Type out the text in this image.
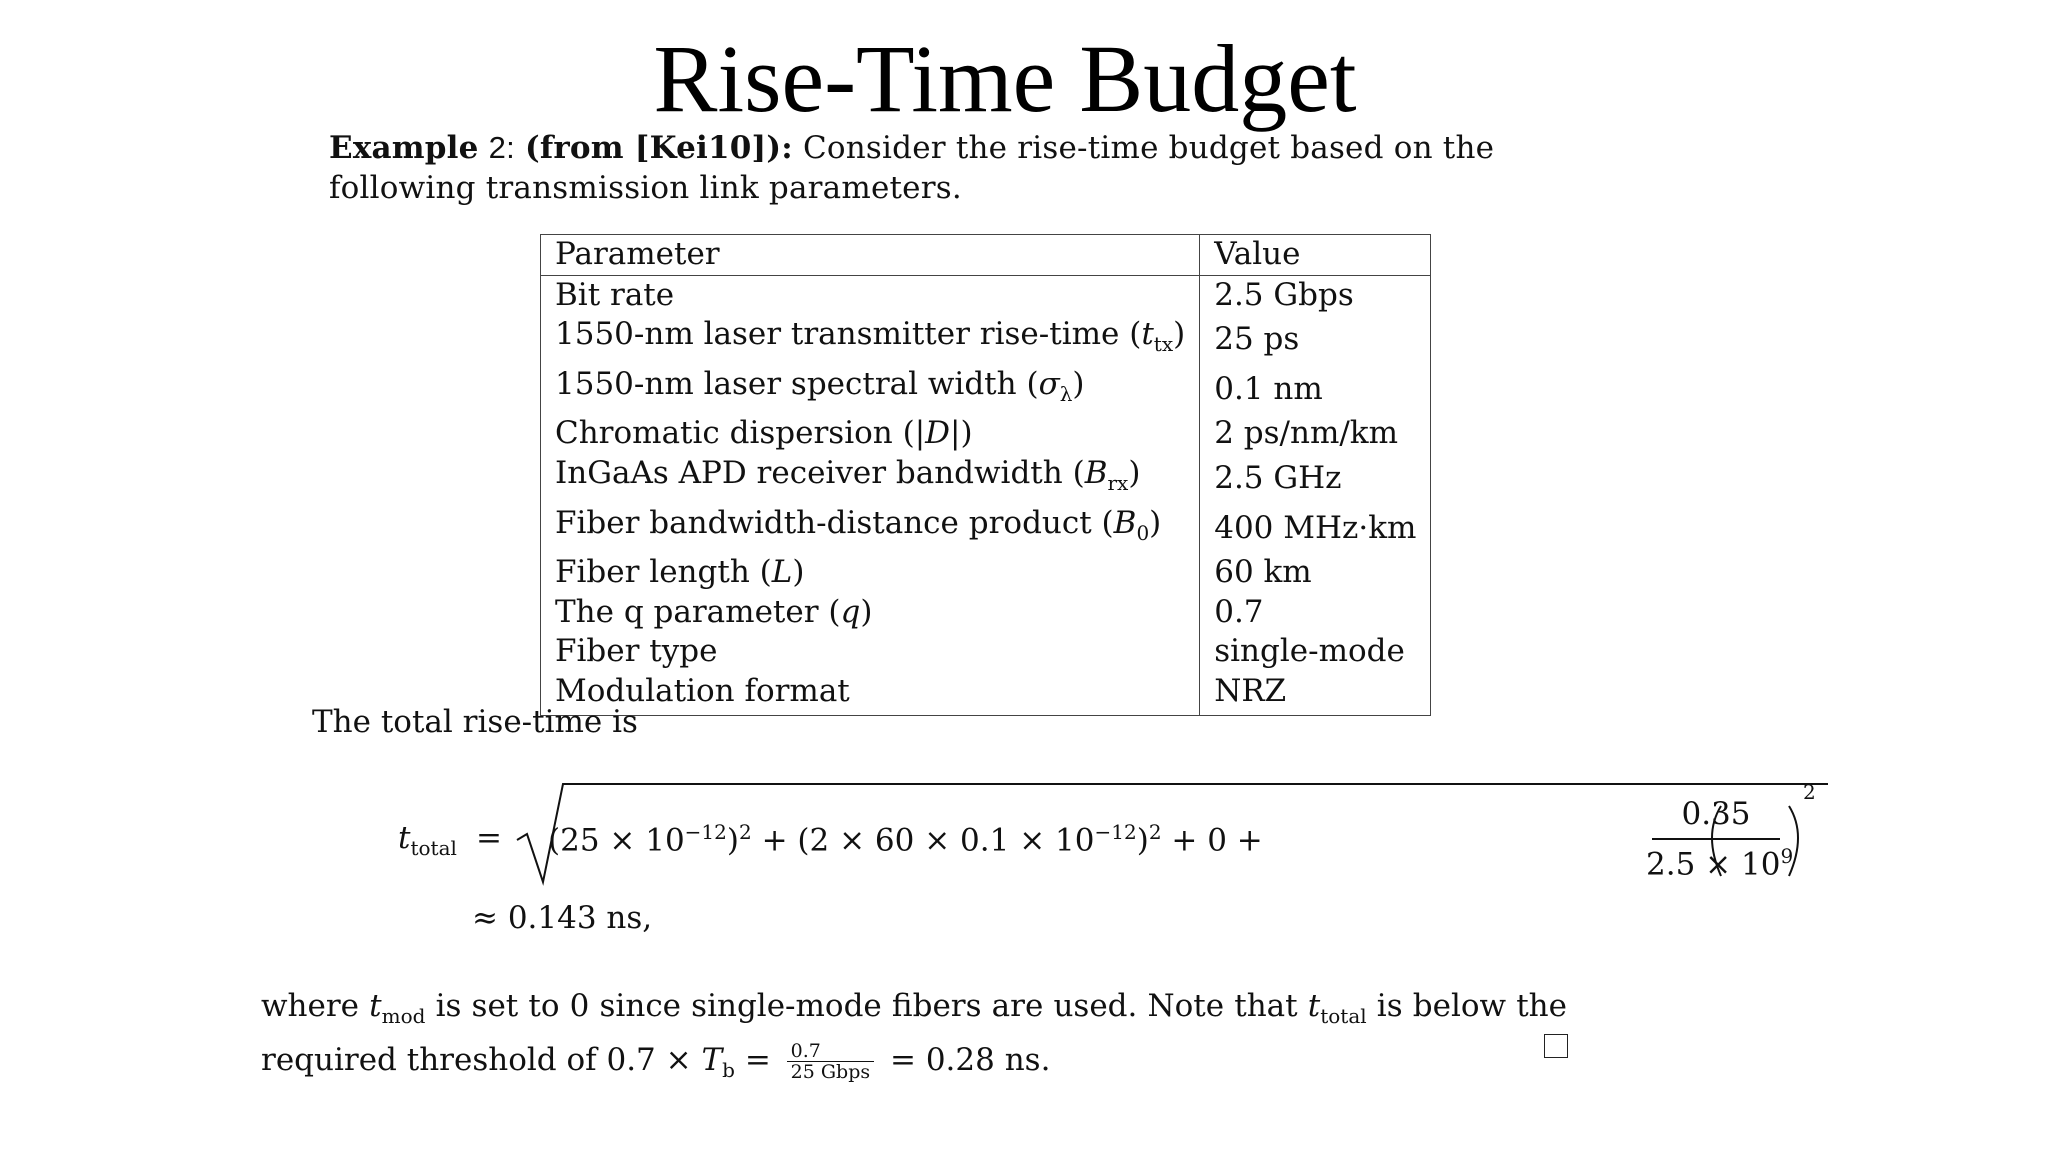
Rise-Time Budget
Example 2: (from [Kei10]): Consider the rise-time budget based on the following transmission link parameters.
Parameter	Value
Bit rate	2.5 Gbps
1550-nm laser transmitter rise-time $(t_{tx})$	25 ps
1550-nm laser spectral width $(\sigma_\lambda)$	0.1 nm
Chromatic dispersion (|D|)	2 ps/nm/km
InGaAs APD receiver bandwidth $(B_{rx})$	2.5 GHz
Fiber bandwidth-distance product $(B_0)$	400 MHz·km
Fiber length (L)	60 km
The q parameter (q)	0.7
Fiber type	single-mode
Modulation format	NRZ
The total rise-time is
$t_{total} = (25 \times 10^{-12})^2 + (2 \times 60 \times 0.1 \times 10^{-12})^2 + 0$ +
0.35
$2.5 \times 10^9$
2
≈ 0.143 ns,
where $t_{mod}$ is set to 0 since single-mode fibers are used. Note that $t_{total}$ is below the required threshold of $0.7 \times T_b = \frac{0.7}{\text{25 Gbps}} = 0.28$ ns.
